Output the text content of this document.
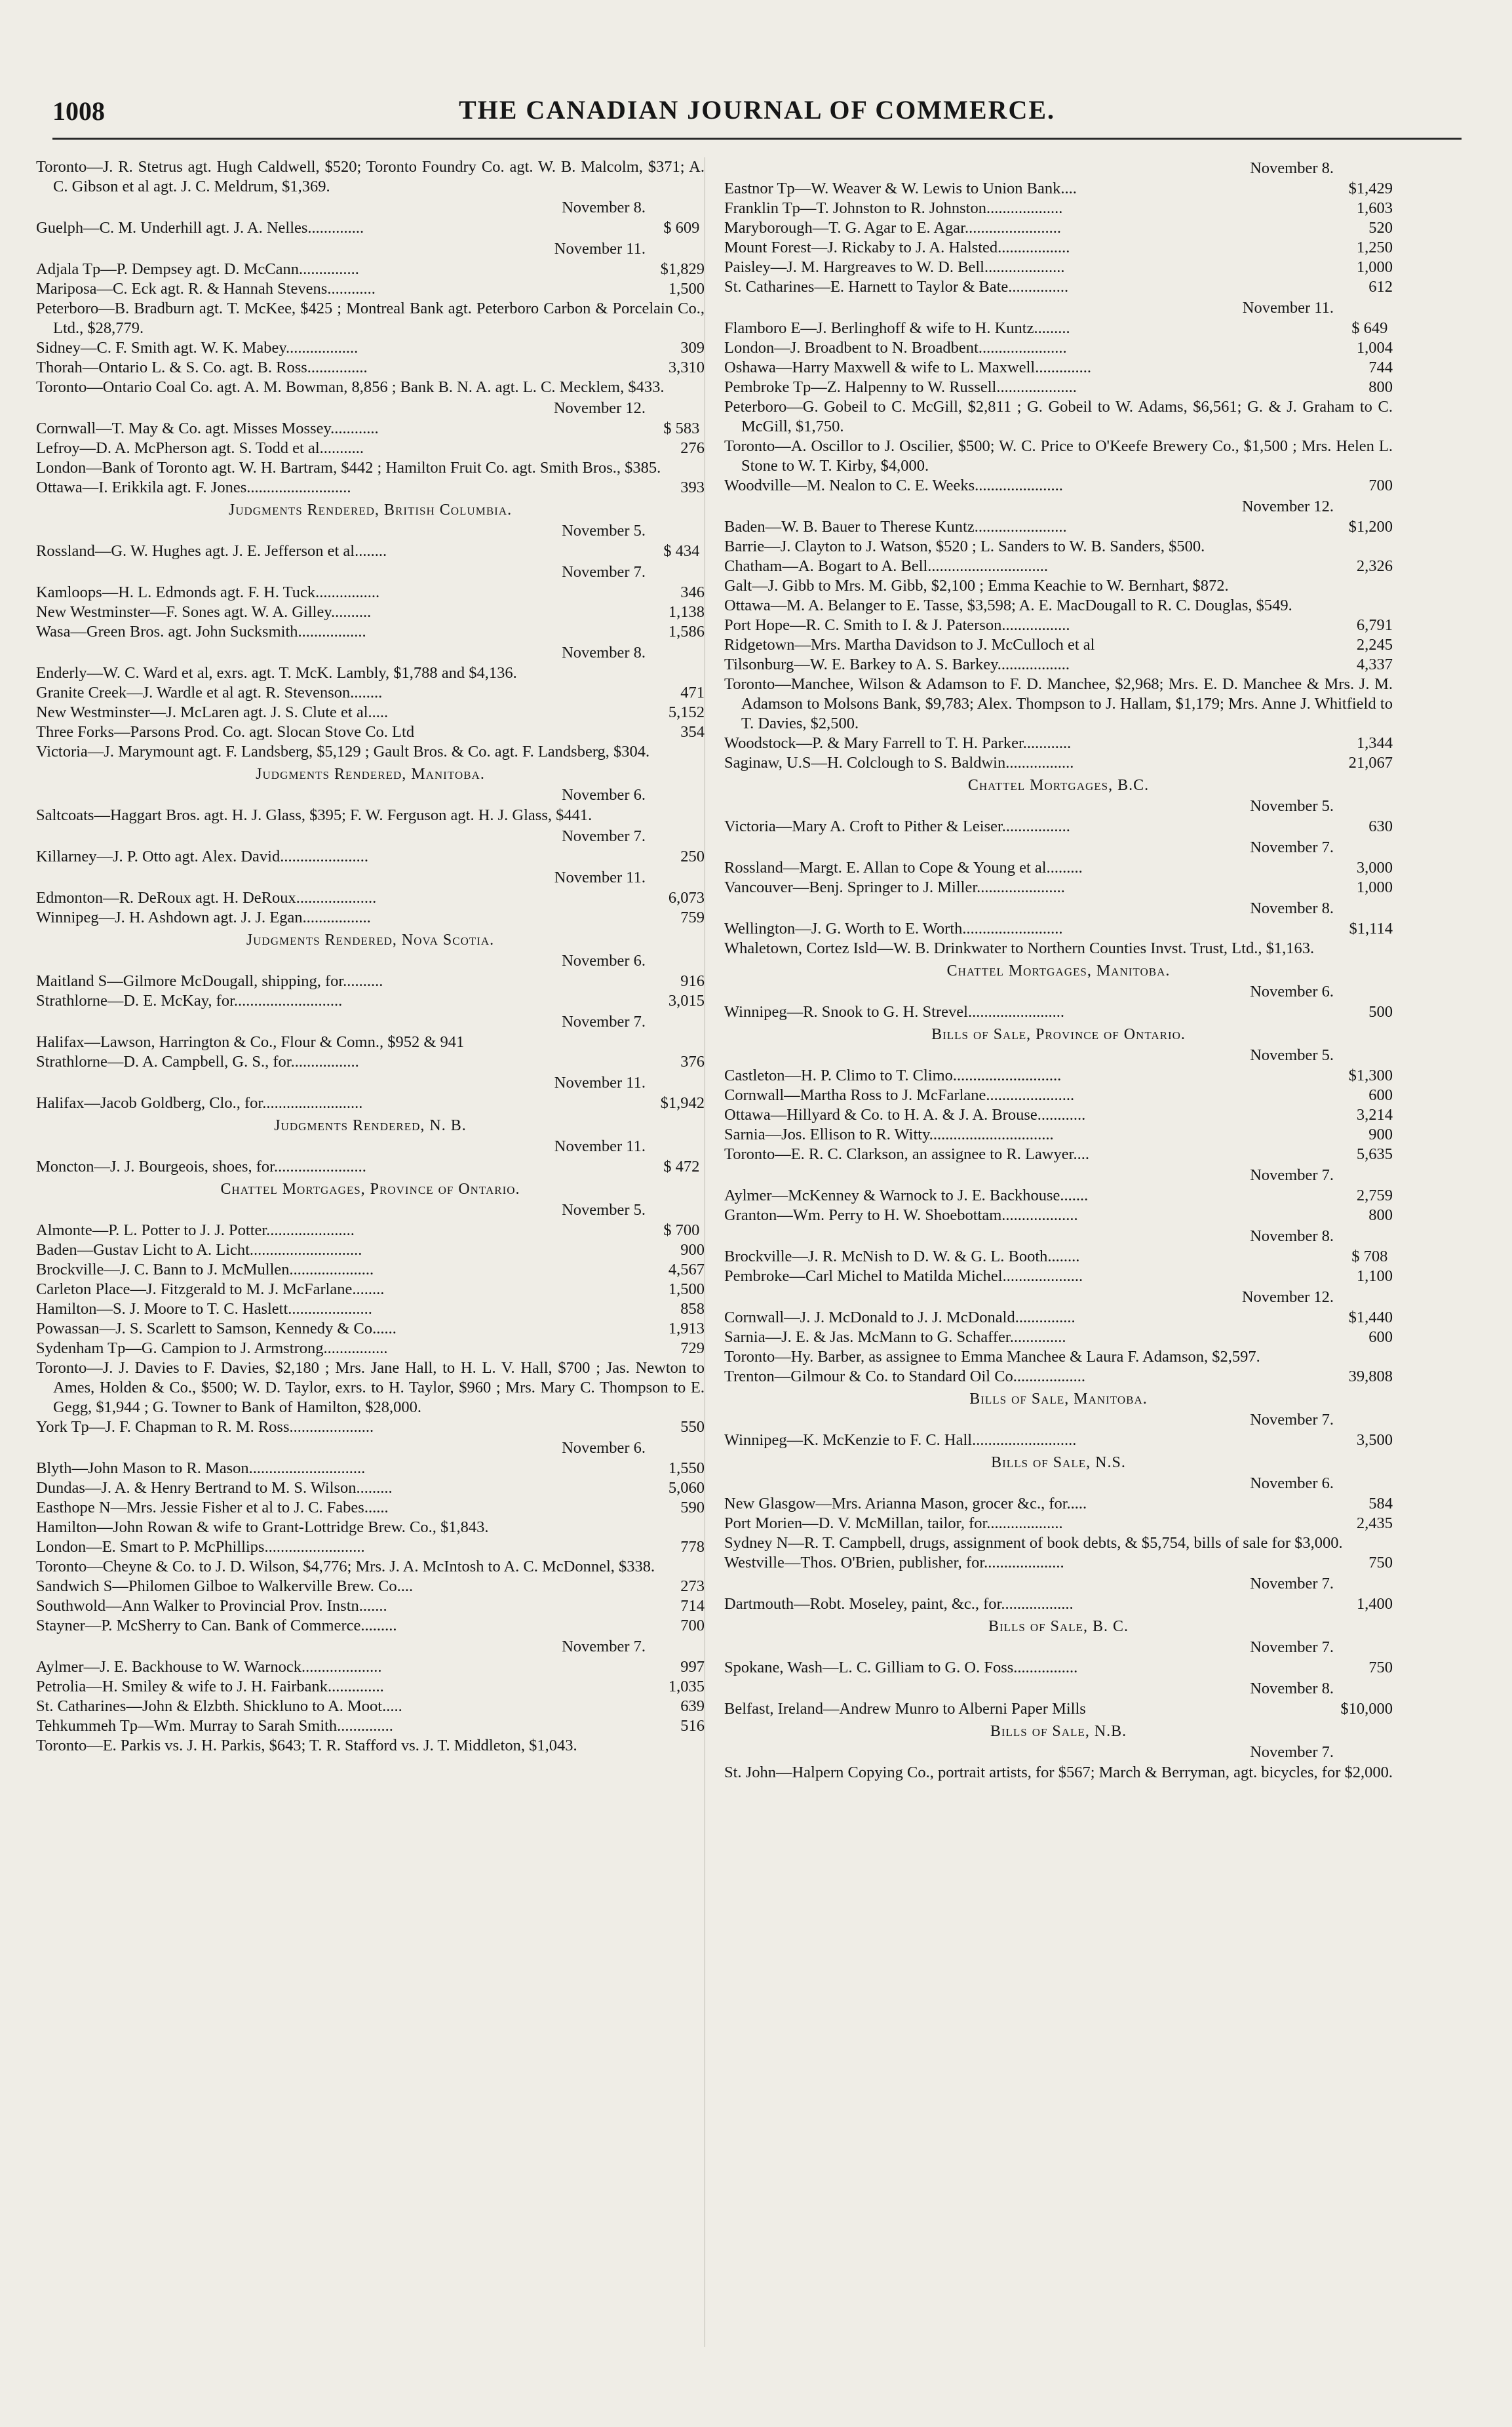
1008	THE CANADIAN JOURNAL OF COMMERCE.
Toronto—J. R. Stetrus agt. Hugh Caldwell, $520; Toronto Foundry Co. agt. W. B. Malcolm, $371; A. C. Gibson et al agt. J. C. Meldrum, $1,369.
November 8.
$ 609
Guelph—C. M. Underhill agt. J. A. Nelles..............
November 11.
$1,829
Adjala Tp—P. Dempsey agt. D. McCann...............
1,500
Mariposa—C. Eck agt. R. & Hannah Stevens............
Peterboro—B. Bradburn agt. T. McKee, $425 ; Montreal Bank agt. Peterboro Carbon & Porcelain Co., Ltd., $28,779.
309
Sidney—C. F. Smith agt. W. K. Mabey..................
3,310
Thorah—Ontario L. & S. Co. agt. B. Ross...............
Toronto—Ontario Coal Co. agt. A. M. Bowman, 8,856 ; Bank B. N. A. agt. L. C. Mecklem, $433.
November 12.
$ 583
Cornwall—T. May & Co. agt. Misses Mossey............
276
Lefroy—D. A. McPherson agt. S. Todd et al...........
London—Bank of Toronto agt. W. H. Bartram, $442 ; Hamilton Fruit Co. agt. Smith Bros., $385.
393
Ottawa—I. Erikkila agt. F. Jones..........................
Judgments Rendered, British Columbia.
November 5.
$ 434
Rossland—G. W. Hughes agt. J. E. Jefferson et al........
November 7.
346
Kamloops—H. L. Edmonds agt. F. H. Tuck................
1,138
New Westminster—F. Sones agt. W. A. Gilley..........
1,586
Wasa—Green Bros. agt. John Sucksmith.................
November 8.
Enderly—W. C. Ward et al, exrs. agt. T. McK. Lambly, $1,788 and $4,136.
471
Granite Creek—J. Wardle et al agt. R. Stevenson........
5,152
New Westminster—J. McLaren agt. J. S. Clute et al.....
354
Three Forks—Parsons Prod. Co. agt. Slocan Stove Co. Ltd
Victoria—J. Marymount agt. F. Landsberg, $5,129 ; Gault Bros. & Co. agt. F. Landsberg, $304.
Judgments Rendered, Manitoba.
November 6.
Saltcoats—Haggart Bros. agt. H. J. Glass, $395; F. W. Ferguson agt. H. J. Glass, $441.
November 7.
250
Killarney—J. P. Otto agt. Alex. David......................
November 11.
6,073
Edmonton—R. DeRoux agt. H. DeRoux....................
759
Winnipeg—J. H. Ashdown agt. J. J. Egan.................
Judgments Rendered, Nova Scotia.
November 6.
916
Maitland S—Gilmore McDougall, shipping, for..........
3,015
Strathlorne—D. E. McKay, for...........................
November 7.
Halifax—Lawson, Harrington & Co., Flour & Comn., $952 & 941
376
Strathlorne—D. A. Campbell, G. S., for.................
November 11.
$1,942
Halifax—Jacob Goldberg, Clo., for.........................
Judgments Rendered, N. B.
November 11.
$ 472
Moncton—J. J. Bourgeois, shoes, for.......................
Chattel Mortgages, Province of Ontario.
November 5.
$ 700
Almonte—P. L. Potter to J. J. Potter......................
900
Baden—Gustav Licht to A. Licht............................
4,567
Brockville—J. C. Bann to J. McMullen.....................
1,500
Carleton Place—J. Fitzgerald to M. J. McFarlane........
858
Hamilton—S. J. Moore to T. C. Haslett.....................
1,913
Powassan—J. S. Scarlett to Samson, Kennedy & Co......
729
Sydenham Tp—G. Campion to J. Armstrong................
Toronto—J. J. Davies to F. Davies, $2,180 ; Mrs. Jane Hall, to H. L. V. Hall, $700 ; Jas. Newton to Ames, Holden & Co., $500; W. D. Taylor, exrs. to H. Taylor, $960 ; Mrs. Mary C. Thompson to E. Gegg, $1,944 ; G. Towner to Bank of Hamilton, $28,000.
550
York Tp—J. F. Chapman to R. M. Ross.....................
November 6.
1,550
Blyth—John Mason to R. Mason.............................
5,060
Dundas—J. A. & Henry Bertrand to M. S. Wilson.........
590
Easthope N—Mrs. Jessie Fisher et al to J. C. Fabes......
Hamilton—John Rowan & wife to Grant-Lottridge Brew. Co., $1,843.
778
London—E. Smart to P. McPhillips.........................
Toronto—Cheyne & Co. to J. D. Wilson, $4,776; Mrs. J. A. McIntosh to A. C. McDonnel, $338.
273
Sandwich S—Philomen Gilboe to Walkerville Brew. Co....
714
Southwold—Ann Walker to Provincial Prov. Instn.......
700
Stayner—P. McSherry to Can. Bank of Commerce.........
November 7.
997
Aylmer—J. E. Backhouse to W. Warnock....................
1,035
Petrolia—H. Smiley & wife to J. H. Fairbank..............
639
St. Catharines—John & Elzbth. Shickluno to A. Moot.....
516
Tehkummeh Tp—Wm. Murray to Sarah Smith..............
Toronto—E. Parkis vs. J. H. Parkis, $643; T. R. Stafford vs. J. T. Middleton, $1,043.
November 8.
$1,429
Eastnor Tp—W. Weaver & W. Lewis to Union Bank....
1,603
Franklin Tp—T. Johnston to R. Johnston...................
520
Maryborough—T. G. Agar to E. Agar........................
1,250
Mount Forest—J. Rickaby to J. A. Halsted..................
1,000
Paisley—J. M. Hargreaves to W. D. Bell....................
612
St. Catharines—E. Harnett to Taylor & Bate...............
November 11.
$ 649
Flamboro E—J. Berlinghoff & wife to H. Kuntz.........
1,004
London—J. Broadbent to N. Broadbent......................
744
Oshawa—Harry Maxwell & wife to L. Maxwell..............
800
Pembroke Tp—Z. Halpenny to W. Russell....................
Peterboro—G. Gobeil to C. McGill, $2,811 ; G. Gobeil to W. Adams, $6,561; G. & J. Graham to C. McGill, $1,750.
Toronto—A. Oscillor to J. Oscilier, $500; W. C. Price to O'Keefe Brewery Co., $1,500 ; Mrs. Helen L. Stone to W. T. Kirby, $4,000.
700
Woodville—M. Nealon to C. E. Weeks......................
November 12.
$1,200
Baden—W. B. Bauer to Therese Kuntz.......................
Barrie—J. Clayton to J. Watson, $520 ; L. Sanders to W. B. Sanders, $500.
2,326
Chatham—A. Bogart to A. Bell..............................
Galt—J. Gibb to Mrs. M. Gibb, $2,100 ; Emma Keachie to W. Bernhart, $872.
Ottawa—M. A. Belanger to E. Tasse, $3,598; A. E. MacDougall to R. C. Douglas, $549.
6,791
Port Hope—R. C. Smith to I. & J. Paterson.................
2,245
Ridgetown—Mrs. Martha Davidson to J. McCulloch et al
4,337
Tilsonburg—W. E. Barkey to A. S. Barkey..................
Toronto—Manchee, Wilson & Adamson to F. D. Manchee, $2,968; Mrs. E. D. Manchee & Mrs. J. M. Adamson to Molsons Bank, $9,783; Alex. Thompson to J. Hallam, $1,179; Mrs. Anne J. Whitfield to T. Davies, $2,500.
1,344
Woodstock—P. & Mary Farrell to T. H. Parker............
21,067
Saginaw, U.S—H. Colclough to S. Baldwin.................
Chattel Mortgages, B.C.
November 5.
630
Victoria—Mary A. Croft to Pither & Leiser.................
November 7.
3,000
Rossland—Margt. E. Allan to Cope & Young et al.........
1,000
Vancouver—Benj. Springer to J. Miller......................
November 8.
$1,114
Wellington—J. G. Worth to E. Worth.........................
Whaletown, Cortez Isld—W. B. Drinkwater to Northern Counties Invst. Trust, Ltd., $1,163.
Chattel Mortgages, Manitoba.
November 6.
500
Winnipeg—R. Snook to G. H. Strevel........................
Bills of Sale, Province of Ontario.
November 5.
$1,300
Castleton—H. P. Climo to T. Climo...........................
600
Cornwall—Martha Ross to J. McFarlane......................
3,214
Ottawa—Hillyard & Co. to H. A. & J. A. Brouse............
900
Sarnia—Jos. Ellison to R. Witty...............................
5,635
Toronto—E. R. C. Clarkson, an assignee to R. Lawyer....
November 7.
2,759
Aylmer—McKenney & Warnock to J. E. Backhouse.......
800
Granton—Wm. Perry to H. W. Shoebottam...................
November 8.
$ 708
Brockville—J. R. McNish to D. W. & G. L. Booth........
1,100
Pembroke—Carl Michel to Matilda Michel....................
November 12.
$1,440
Cornwall—J. J. McDonald to J. J. McDonald...............
600
Sarnia—J. E. & Jas. McMann to G. Schaffer..............
Toronto—Hy. Barber, as assignee to Emma Manchee & Laura F. Adamson, $2,597.
39,808
Trenton—Gilmour & Co. to Standard Oil Co..................
Bills of Sale, Manitoba.
November 7.
3,500
Winnipeg—K. McKenzie to F. C. Hall..........................
Bills of Sale, N.S.
November 6.
584
New Glasgow—Mrs. Arianna Mason, grocer &c., for.....
2,435
Port Morien—D. V. McMillan, tailor, for...................
Sydney N—R. T. Campbell, drugs, assignment of book debts, & $5,754, bills of sale for $3,000.
750
Westville—Thos. O'Brien, publisher, for....................
November 7.
1,400
Dartmouth—Robt. Moseley, paint, &c., for..................
Bills of Sale, B. C.
November 7.
750
Spokane, Wash—L. C. Gilliam to G. O. Foss................
November 8.
$10,000
Belfast, Ireland—Andrew Munro to Alberni Paper Mills
Bills of Sale, N.B.
November 7.
St. John—Halpern Copying Co., portrait artists, for $567; March & Berryman, agt. bicycles, for $2,000.
